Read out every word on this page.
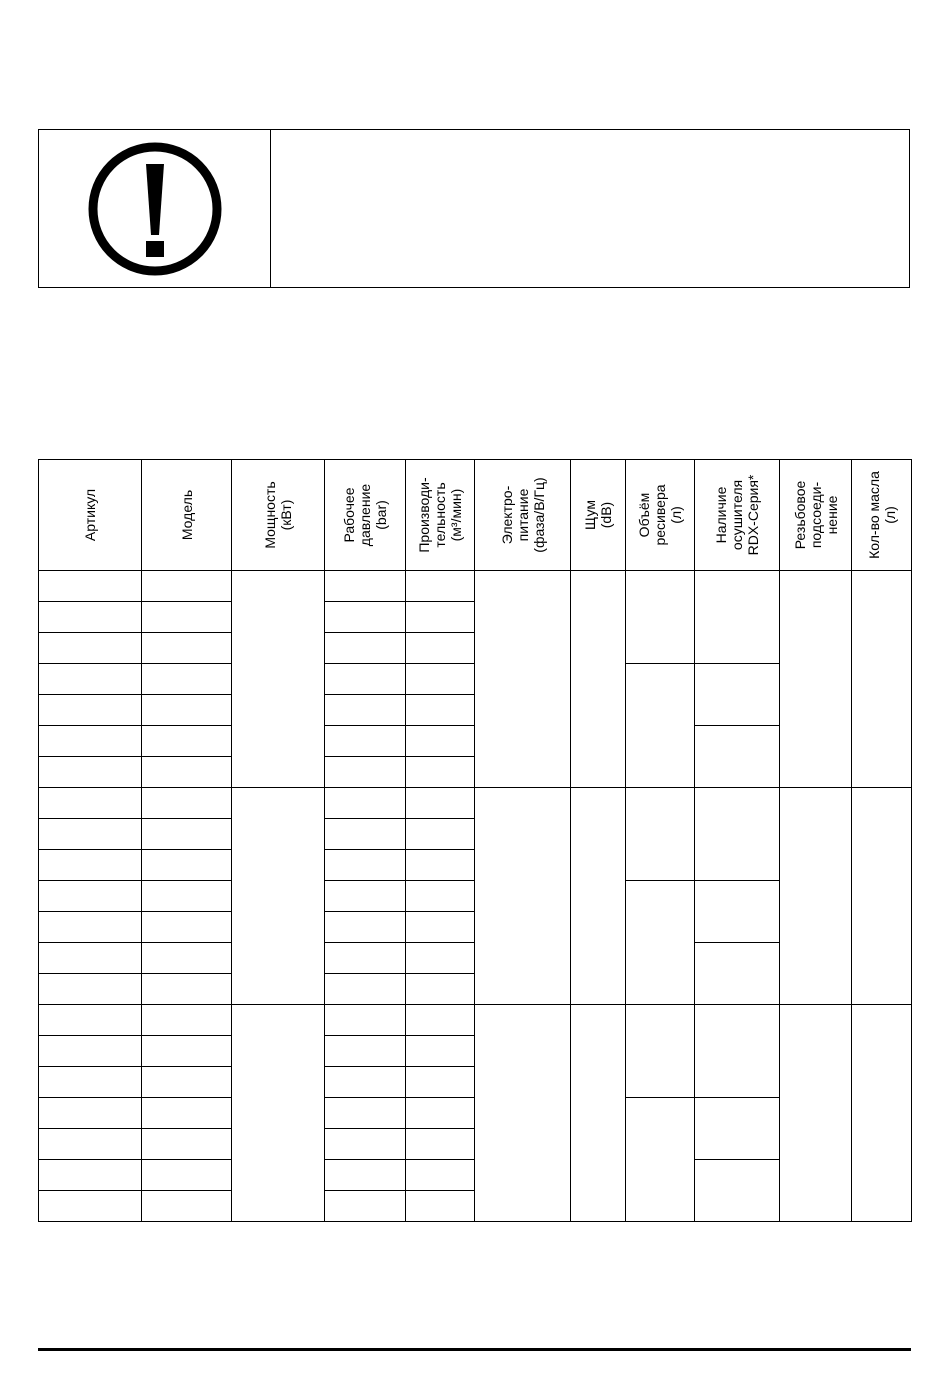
Артикул	Модель	Мощность (кВт)	Рабочее давление (bar)	Производи- тельность (м³/мин)	Электро- питание (фаза/В/Гц)	Щум (dB)	Объём ресивера (л)	Наличие осушителя RDX-Серия*	Резьбовое подсоеди- нение	Кол-во масла (л)
